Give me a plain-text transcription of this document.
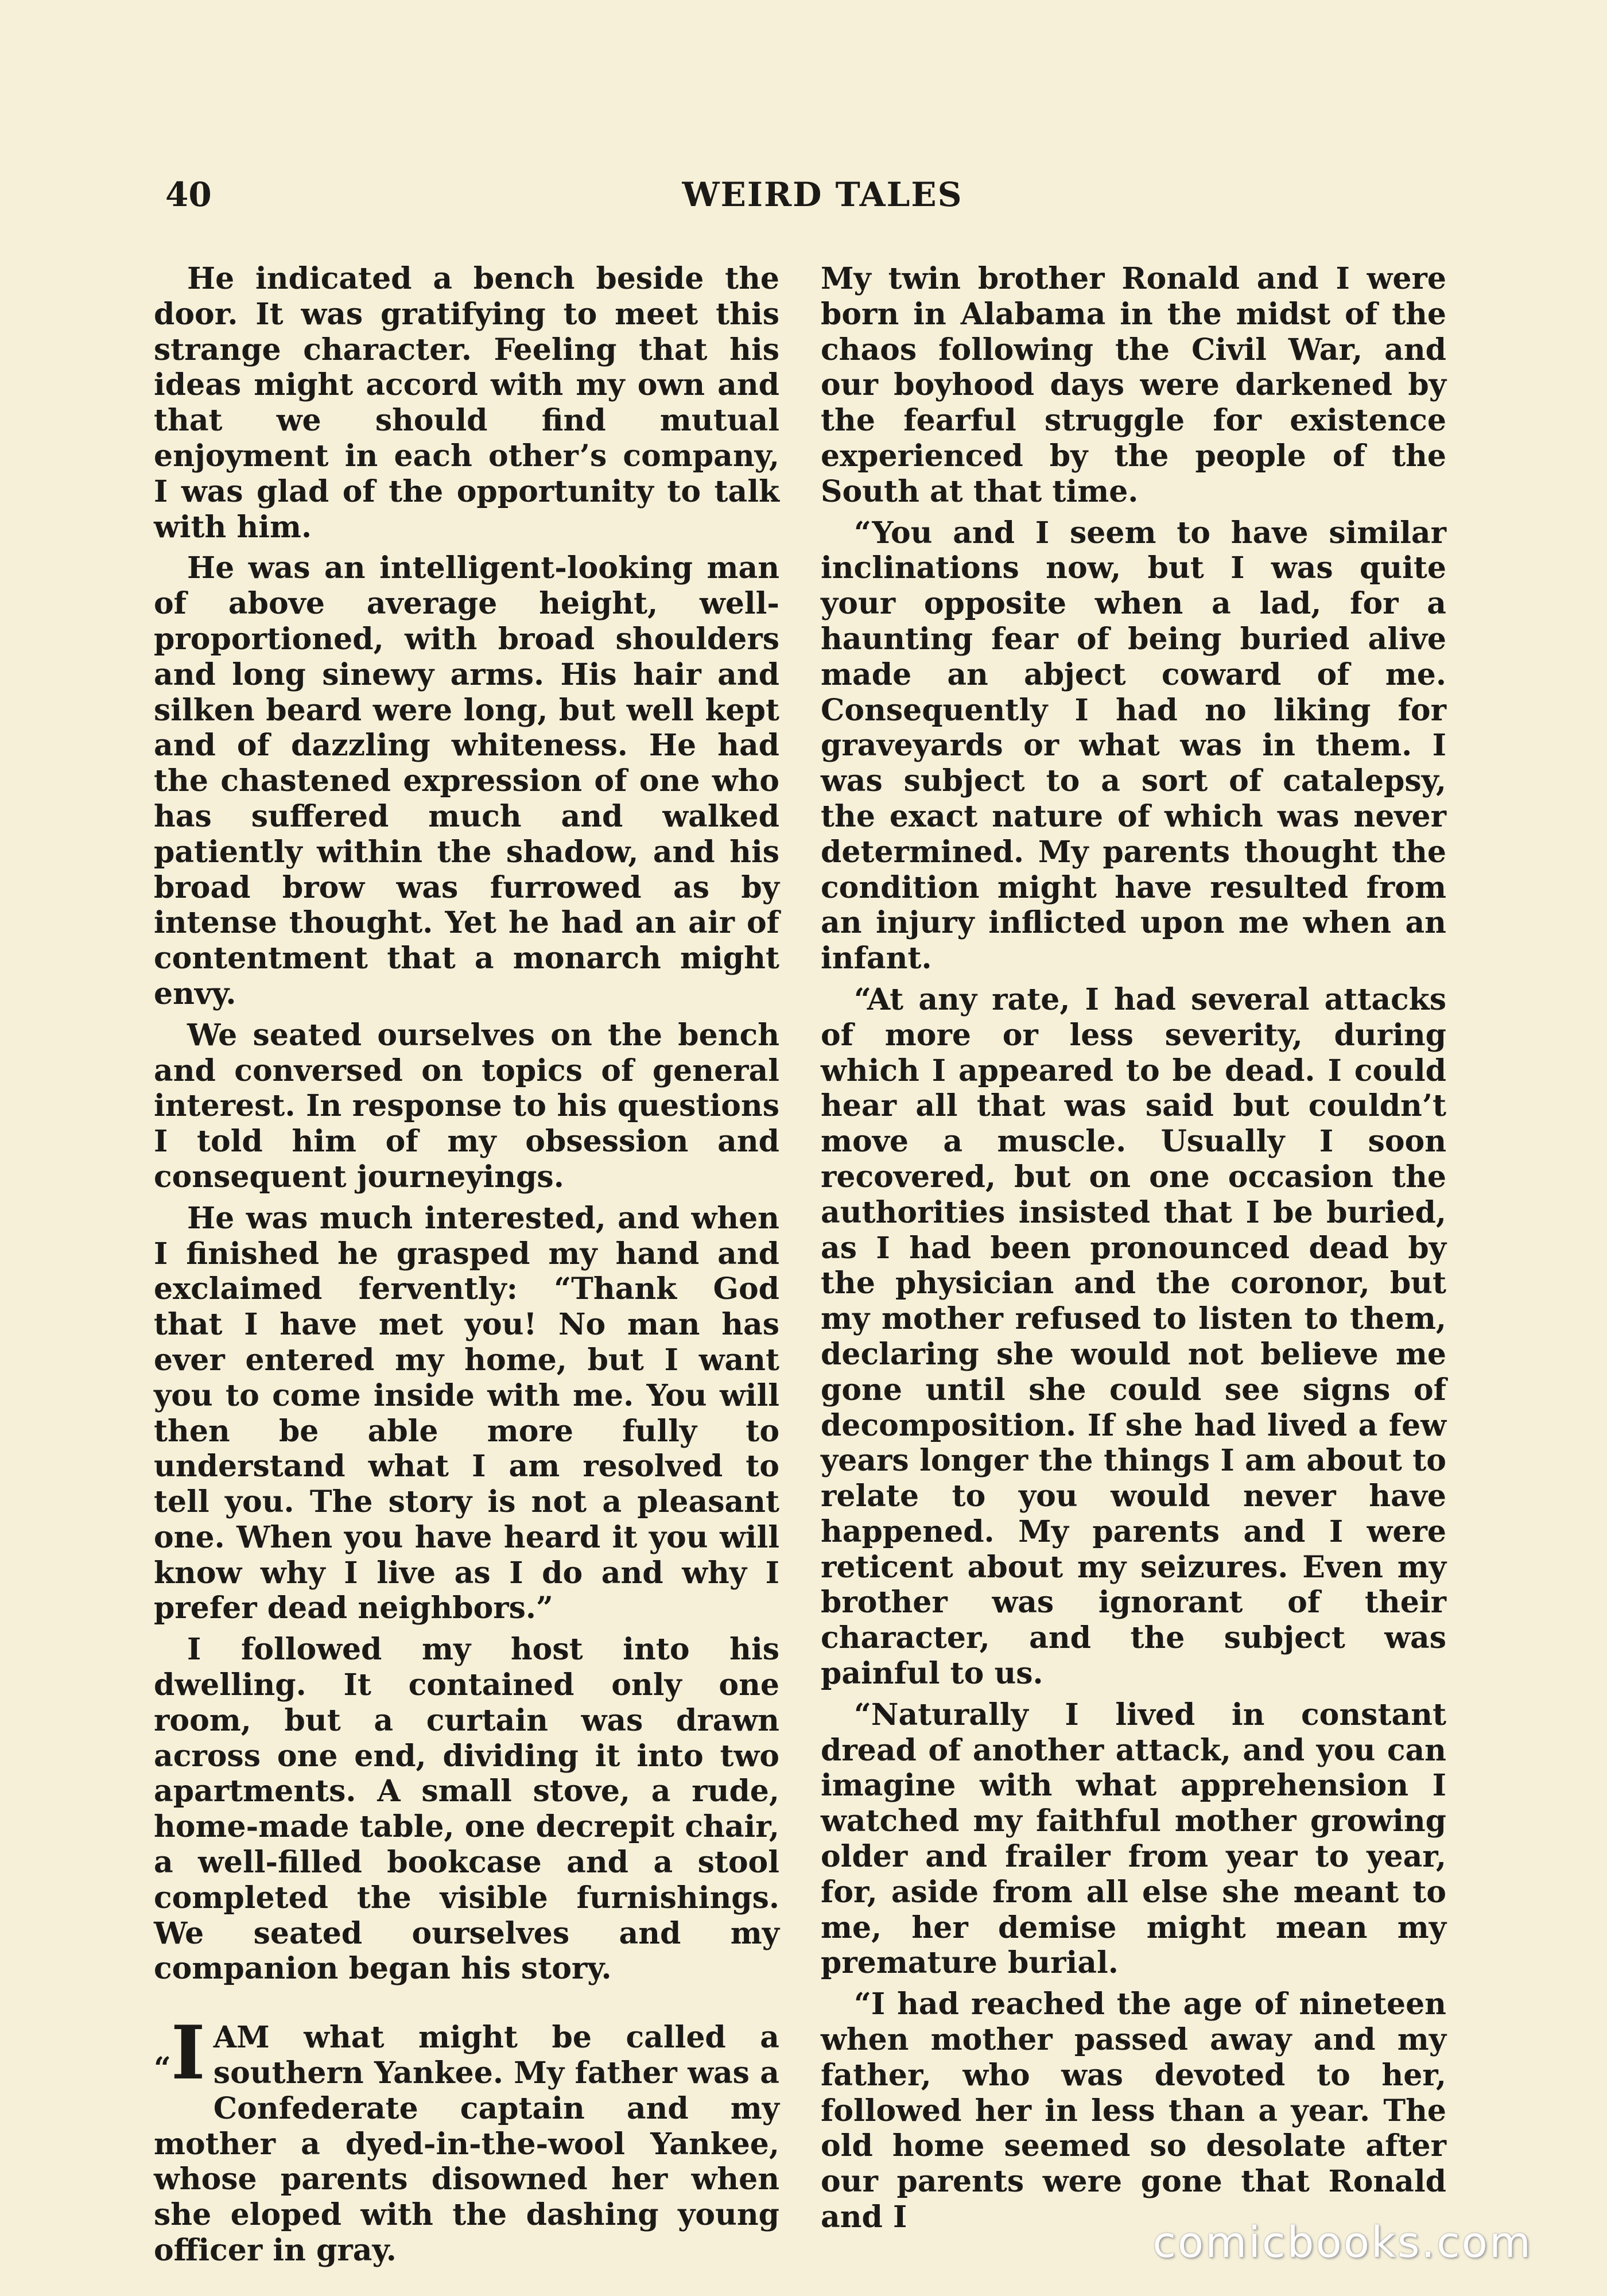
40	WEIRD TALES

He indicated a bench beside the door. It was gratifying to meet this strange character. Feeling that his ideas might accord with my own and that we should find mutual enjoyment in each other’s company, I was glad of the opportunity to talk with him.

He was an intelligent-looking man of above average height, well-proportioned, with broad shoulders and long sinewy arms. His hair and silken beard were long, but well kept and of dazzling whiteness. He had the chastened expression of one who has suffered much and walked patiently within the shadow, and his broad brow was furrowed as by intense thought. Yet he had an air of contentment that a monarch might envy.

We seated ourselves on the bench and conversed on topics of general interest. In response to his questions I told him of my obsession and consequent journeyings.

He was much interested, and when I finished he grasped my hand and exclaimed fervently: “Thank God that I have met you! No man has ever entered my home, but I want you to come inside with me. You will then be able more fully to understand what I am resolved to tell you. The story is not a pleasant one. When you have heard it you will know why I live as I do and why I prefer dead neighbors.”

I followed my host into his dwelling. It contained only one room, but a curtain was drawn across one end, dividing it into two apartments. A small stove, a rude, home-made table, one decrepit chair, a well-filled bookcase and a stool completed the visible furnishings. We seated ourselves and my companion began his story.

“I AM what might be called a southern Yankee. My father was a Confederate captain and my mother a dyed-in-the-wool Yankee, whose parents disowned her when she eloped with the dashing young officer in gray.

My twin brother Ronald and I were born in Alabama in the midst of the chaos following the Civil War, and our boyhood days were darkened by the fearful struggle for existence experienced by the people of the South at that time.

“You and I seem to have similar inclinations now, but I was quite your opposite when a lad, for a haunting fear of being buried alive made an abject coward of me. Consequently I had no liking for graveyards or what was in them. I was subject to a sort of catalepsy, the exact nature of which was never determined. My parents thought the condition might have resulted from an injury inflicted upon me when an infant.

“At any rate, I had several attacks of more or less severity, during which I appeared to be dead. I could hear all that was said but couldn’t move a muscle. Usually I soon recovered, but on one occasion the authorities insisted that I be buried, as I had been pronounced dead by the physician and the coronor, but my mother refused to listen to them, declaring she would not believe me gone until she could see signs of decomposition. If she had lived a few years longer the things I am about to relate to you would never have happened. My parents and I were reticent about my seizures. Even my brother was ignorant of their character, and the subject was painful to us.

“Naturally I lived in constant dread of another attack, and you can imagine with what apprehension I watched my faithful mother growing older and frailer from year to year, for, aside from all else she meant to me, her demise might mean my premature burial.

“I had reached the age of nineteen when mother passed away and my father, who was devoted to her, followed her in less than a year. The old home seemed so desolate after our parents were gone that Ronald and I

comicbooks.com
